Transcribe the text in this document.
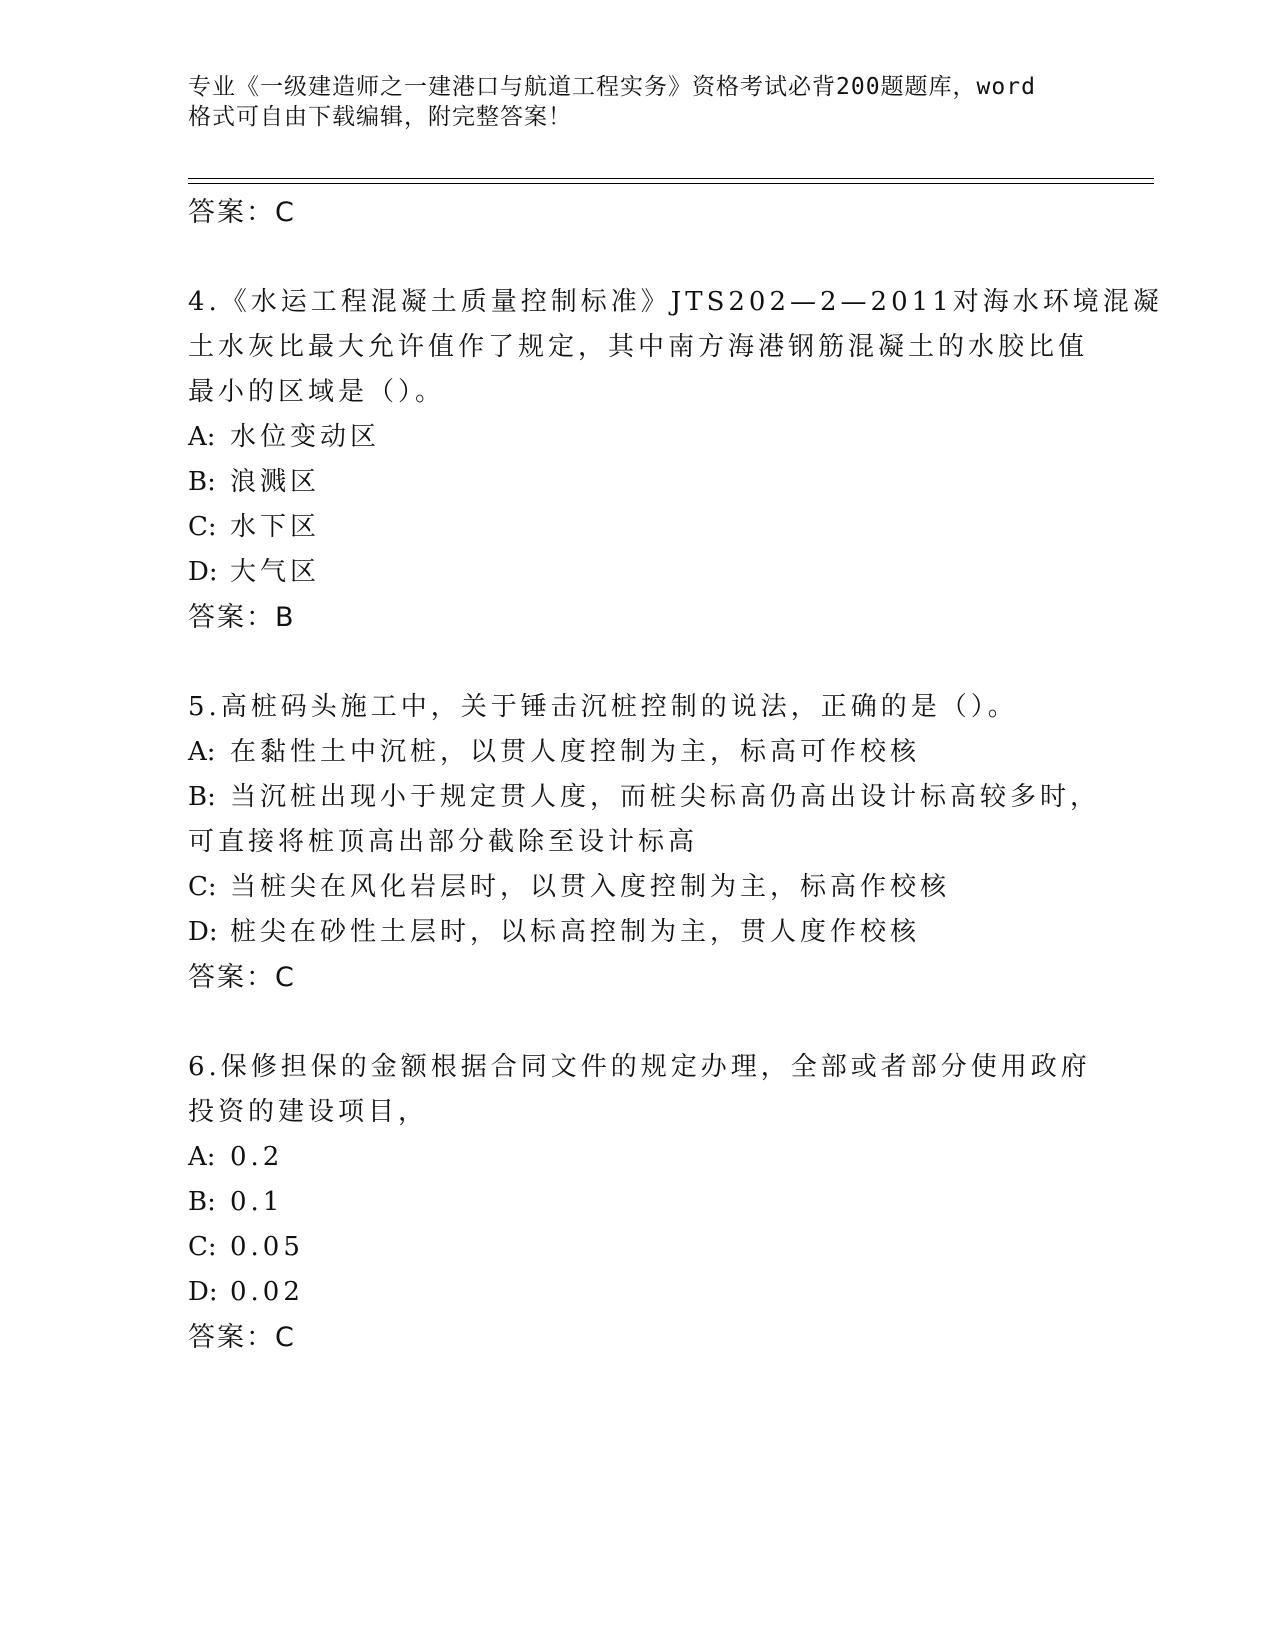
专业《一级建造师之一建港口与航道工程实务》资格考试必背200题题库，word
格式可自由下载编辑，附完整答案！
答案：C
4.《水运工程混凝土质量控制标准》JTS202—2—2011对海水环境混凝
土水灰比最大允许值作了规定，其中南方海港钢筋混凝土的水胶比值
最小的区域是（）。
A: 水位变动区
B: 浪溅区
C: 水下区
D: 大气区
答案：B
5.高桩码头施工中，关于锤击沉桩控制的说法，正确的是（）。
A: 在黏性土中沉桩，以贯人度控制为主，标高可作校核
B: 当沉桩出现小于规定贯人度，而桩尖标高仍高出设计标高较多时，
可直接将桩顶高出部分截除至设计标高
C: 当桩尖在风化岩层时，以贯入度控制为主，标高作校核
D: 桩尖在砂性土层时，以标高控制为主，贯人度作校核
答案：C
6.保修担保的金额根据合同文件的规定办理，全部或者部分使用政府
投资的建设项目，
A: 0.2
B: 0.1
C: 0.05
D: 0.02
答案：C
